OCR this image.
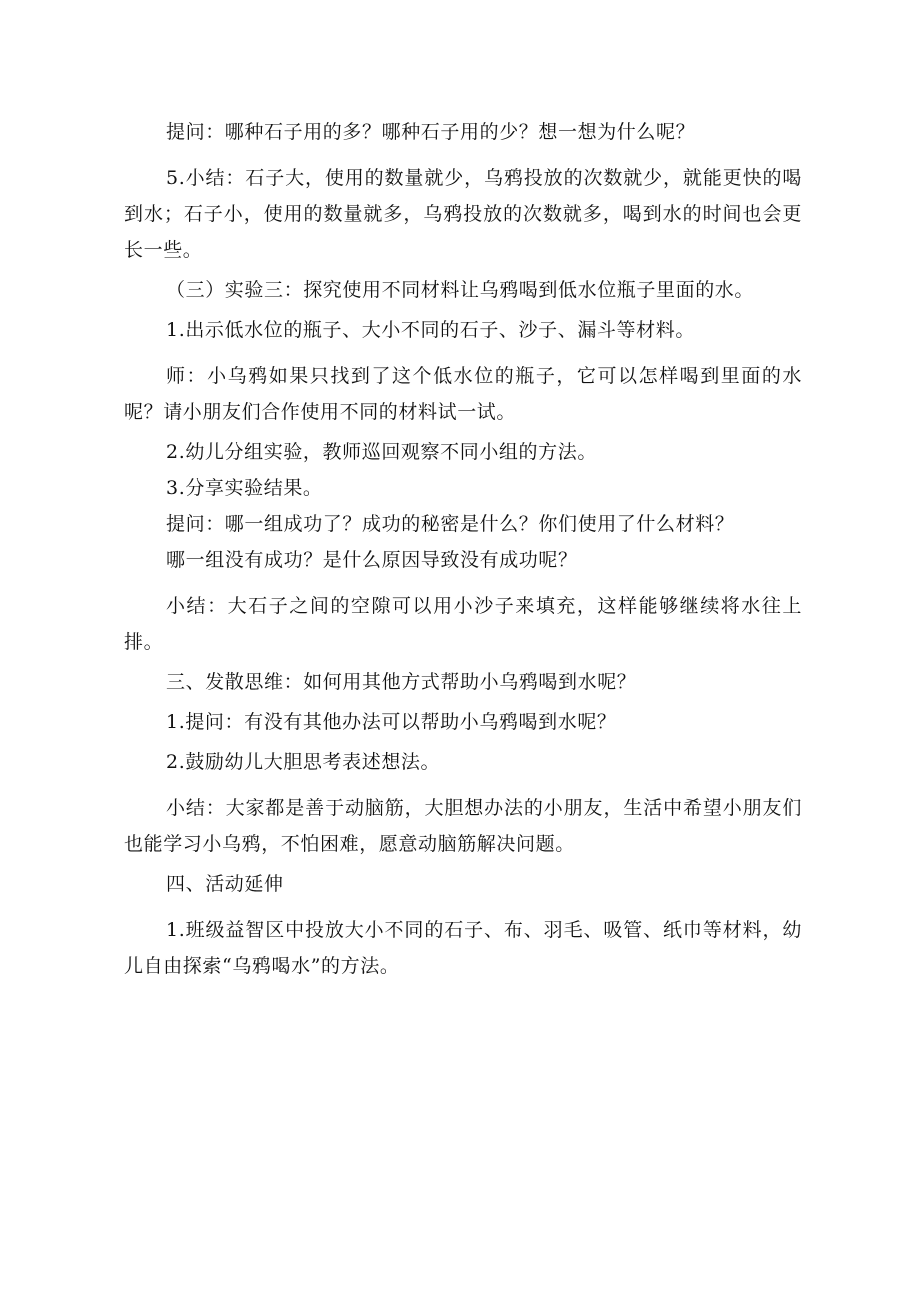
提问：哪种石子用的多？哪种石子用的少？想一想为什么呢？

5.小结：石子大，使用的数量就少，乌鸦投放的次数就少，就能更快的喝到水；石子小，使用的数量就多，乌鸦投放的次数就多，喝到水的时间也会更长一些。

（三）实验三：探究使用不同材料让乌鸦喝到低水位瓶子里面的水。

1.出示低水位的瓶子、大小不同的石子、沙子、漏斗等材料。

师：小乌鸦如果只找到了这个低水位的瓶子，它可以怎样喝到里面的水呢？请小朋友们合作使用不同的材料试一试。

2.幼儿分组实验，教师巡回观察不同小组的方法。

3.分享实验结果。

提问：哪一组成功了？成功的秘密是什么？你们使用了什么材料？

哪一组没有成功？是什么原因导致没有成功呢？

小结：大石子之间的空隙可以用小沙子来填充，这样能够继续将水往上排。

三、发散思维：如何用其他方式帮助小乌鸦喝到水呢？

1.提问：有没有其他办法可以帮助小乌鸦喝到水呢？

2.鼓励幼儿大胆思考表述想法。

小结：大家都是善于动脑筋，大胆想办法的小朋友，生活中希望小朋友们也能学习小乌鸦，不怕困难，愿意动脑筋解决问题。

四、活动延伸

1.班级益智区中投放大小不同的石子、布、羽毛、吸管、纸巾等材料，幼儿自由探索“乌鸦喝水”的方法。
